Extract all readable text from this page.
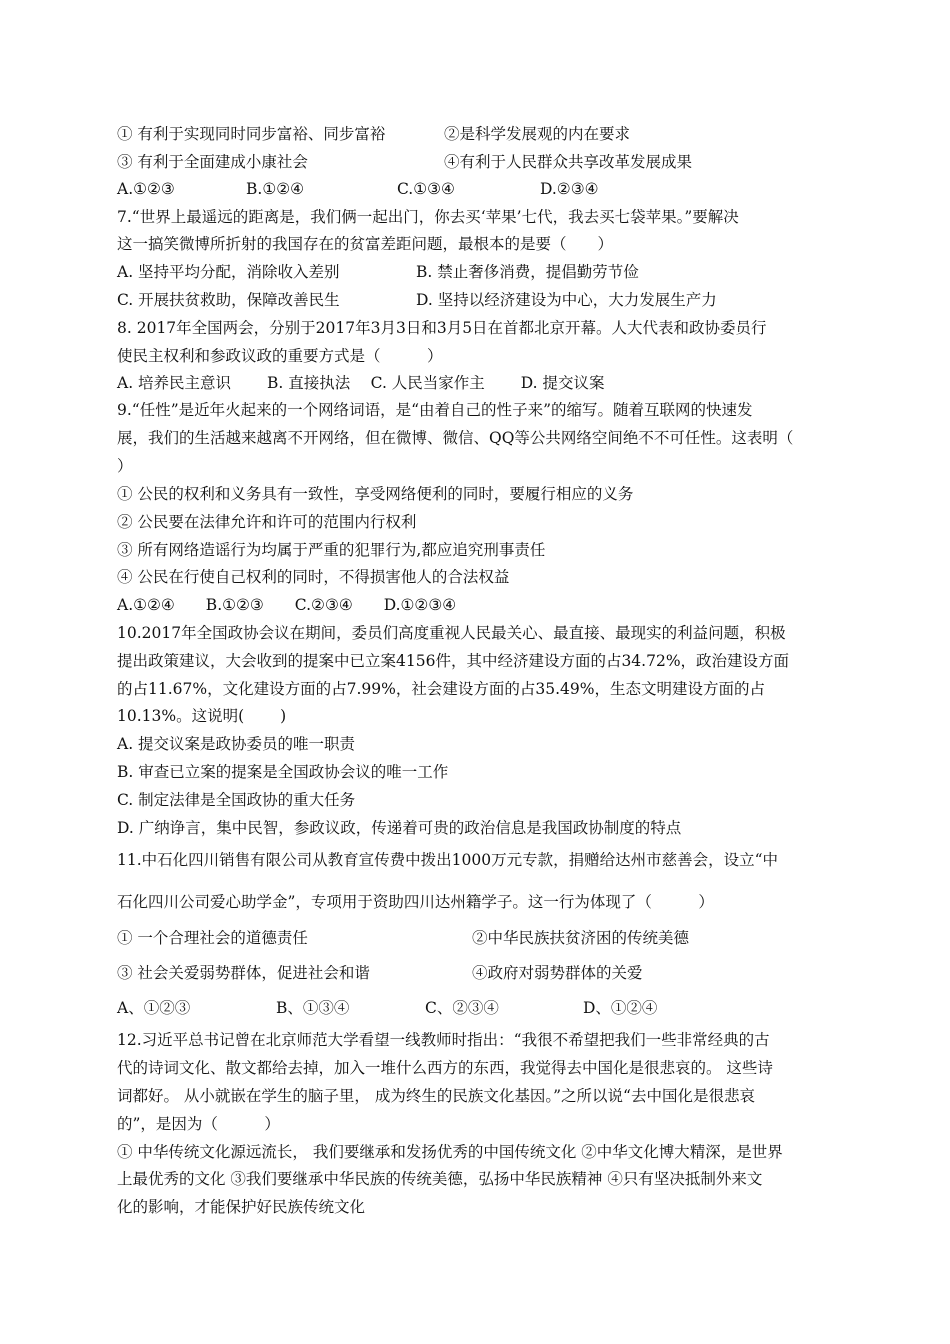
① 有利于实现同时同步富裕、同步富裕	②是科学发展观的内在要求
③ 有利于全面建成小康社会	④有利于人民群众共享改革发展成果
A.①②③	B.①②④	C.①③④	D.②③④
7.“世界上最遥远的距离是，我们俩一起出门，你去买‘苹果’七代，我去买七袋苹果。”要解决
这一搞笑微博所折射的我国存在的贫富差距问题，最根本的是要（　　）
A. 坚持平均分配，消除收入差别	B. 禁止奢侈消费，提倡勤劳节俭
C. 开展扶贫救助，保障改善民生	D. 坚持以经济建设为中心，大力发展生产力
8. 2017年全国两会，分别于2017年3月3日和3月5日在首都北京开幕。人大代表和政协委员行
使民主权利和参政议政的重要方式是（　　　）
A. 培养民主意识　　 B. 直接执法　 C. 人民当家作主　　 D. 提交议案
9.“任性”是近年火起来的一个网络词语，是“由着自己的性子来”的缩写。随着互联网的快速发
展，我们的生活越来越离不开网络，但在微博、微信、QQ等公共网络空间绝不不可任性。这表明（
）
① 公民的权利和义务具有一致性，享受网络便利的同时，要履行相应的义务
② 公民要在法律允许和许可的范围内行权利
③ 所有网络造谣行为均属于严重的犯罪行为,都应追究刑事责任
④ 公民在行使自己权利的同时，不得损害他人的合法权益
A.①②④　　B.①②③　　C.②③④　　D.①②③④
10.2017年全国政协会议在期间，委员们高度重视人民最关心、最直接、最现实的利益问题，积极
提出政策建议，大会收到的提案中已立案4156件，其中经济建设方面的占34.72%，政治建设方面
的占11.67%，文化建设方面的占7.99%，社会建设方面的占35.49%，生态文明建设方面的占
10.13%。这说明(　　 )
A. 提交议案是政协委员的唯一职责
B. 审查已立案的提案是全国政协会议的唯一工作
C. 制定法律是全国政协的重大任务
D. 广纳诤言，集中民智，参政议政，传递着可贵的政治信息是我国政协制度的特点
11.中石化四川销售有限公司从教育宣传费中拨出1000万元专款，捐赠给达州市慈善会，设立“中
石化四川公司爱心助学金”，专项用于资助四川达州籍学子。这一行为体现了（　　　）
① 一个合理社会的道德责任	②中华民族扶贫济困的传统美德
③ 社会关爱弱势群体，促进社会和谐	④政府对弱势群体的关爱
A、①②③	B、①③④	C、②③④	D、①②④
12.习近平总书记曾在北京师范大学看望一线教师时指出：“我很不希望把我们一些非常经典的古
代的诗词文化、散文都给去掉，加入一堆什么西方的东西，我觉得去中国化是很悲哀的。 这些诗
词都好。 从小就嵌在学生的脑子里， 成为终生的民族文化基因。”之所以说“去中国化是很悲哀
的”，是因为（　　　）
① 中华传统文化源远流长， 我们要继承和发扬优秀的中国传统文化 ②中华文化博大精深，是世界
上最优秀的文化 ③我们要继承中华民族的传统美德，弘扬中华民族精神 ④只有坚决抵制外来文
化的影响，才能保护好民族传统文化
